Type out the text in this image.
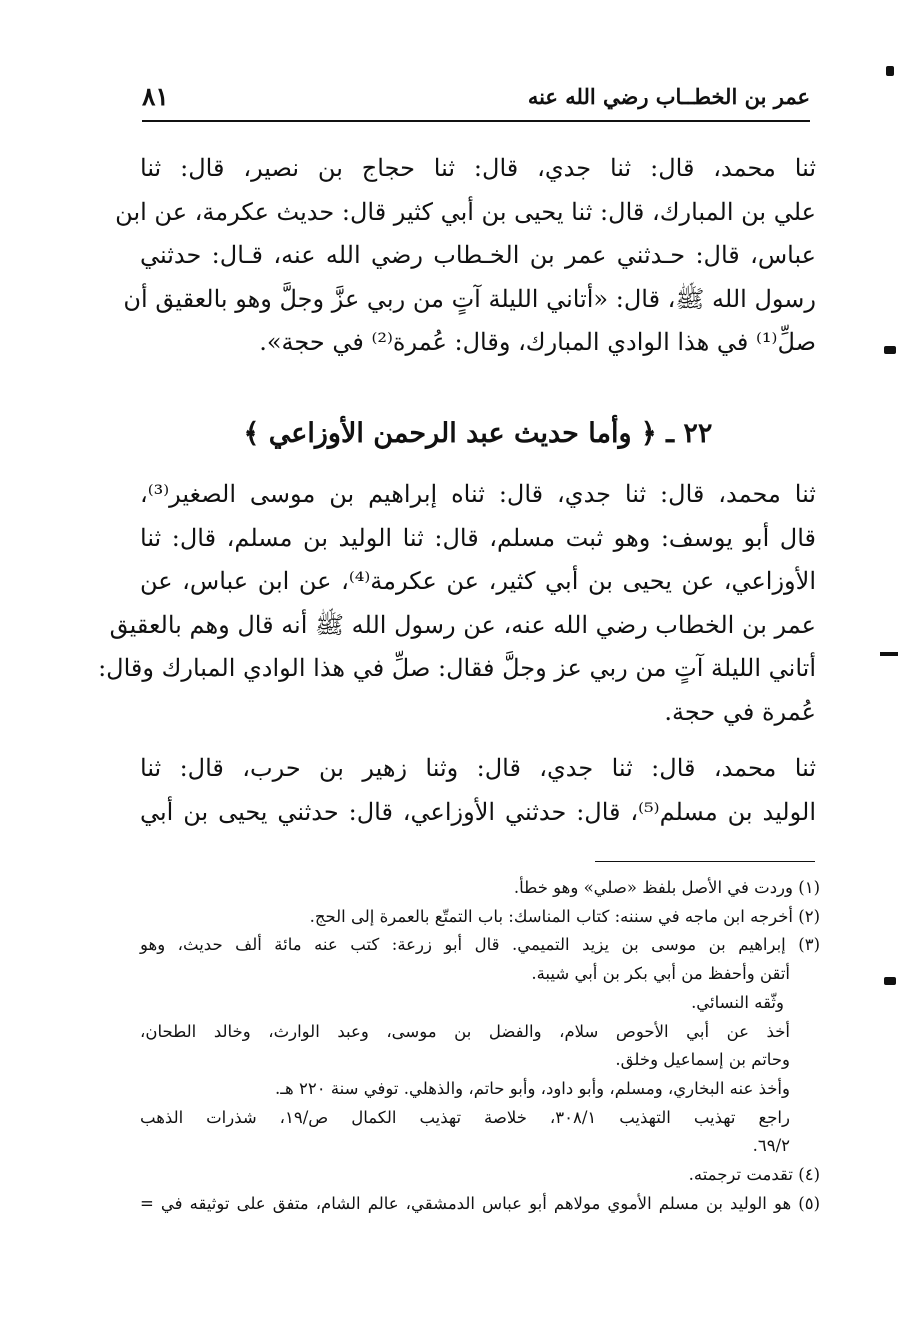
عمر بن الخطــاب رضي الله عنه
٨١
ثنا محمد، قال: ثنا جدي، قال: ثنا حجاج بن نصير، قال: ثنا
علي بن المبارك، قال: ثنا يحيى بن أبي كثير قال: حديث عكرمة، عن ابن
عباس، قال: حـدثني عمر بن الخـطاب رضي الله عنه، قـال: حدثني
رسول الله ﷺ، قال: «أتاني الليلة آتٍ من ربي عزَّ وجلَّ وهو بالعقيق أن
صلِّ⁽¹⁾ في هذا الوادي المبارك، وقال: عُمرة⁽²⁾ في حجة».
٢٢ ـ ﴿ وأما حديث عبد الرحمن الأوزاعي ﴾
ثنا محمد، قال: ثنا جدي، قال: ثناه إبراهيم بن موسى الصغير⁽³⁾،
قال أبو يوسف: وهو ثبت مسلم، قال: ثنا الوليد بن مسلم، قال: ثنا
الأوزاعي، عن يحيى بن أبي كثير، عن عكرمة⁽⁴⁾، عن ابن عباس، عن
عمر بن الخطاب رضي الله عنه، عن رسول الله ﷺ أنه قال وهم بالعقيق
أتاني الليلة آتٍ من ربي عز وجلَّ فقال: صلِّ في هذا الوادي المبارك وقال:
عُمرة في حجة.
ثنا محمد، قال: ثنا جدي، قال: وثنا زهير بن حرب، قال: ثنا
الوليد بن مسلم⁽⁵⁾، قال: حدثني الأوزاعي، قال: حدثني يحيى بن أبي
(١) وردت في الأصل بلفظ «صلي» وهو خطأ.
(٢) أخرجه ابن ماجه في سننه: كتاب المناسك: باب التمتّع بالعمرة إلى الحج.
(٣) إبراهيم بن موسى بن يزيد التميمي. قال أبو زرعة: كتب عنه مائة ألف حديث، وهو
أتقن وأحفظ من أبي بكر بن أبي شيبة.
وثّقه النسائي.
أخذ عن أبي الأحوص سلام، والفضل بن موسى، وعبد الوارث، وخالد الطحان،
وحاتم بن إسماعيل وخلق.
وأخذ عنه البخاري، ومسلم، وأبو داود، وأبو حاتم، والذهلي. توفي سنة ٢٢٠ هـ.
راجع تهذيب التهذيب ٣٠٨/١، خلاصة تهذيب الكمال ص/١٩، شذرات الذهب
٦٩/٢.
(٤) تقدمت ترجمته.
(٥) هو الوليد بن مسلم الأموي مولاهم أبو عباس الدمشقي، عالم الشام، متفق على توثيقه في =
